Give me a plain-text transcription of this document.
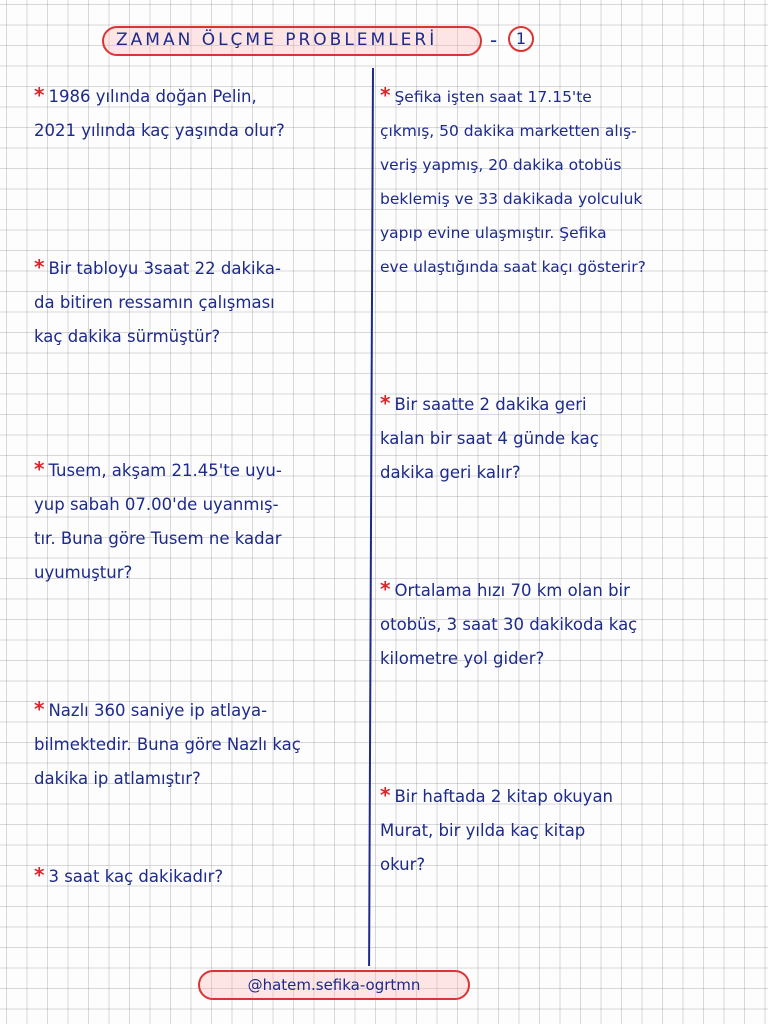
ZAMAN ÖLÇME PROBLEMLERİ	-	1
* 1986 yılında doğan Pelin,
2021 yılında kaç yaşında olur?
* Bir tabloyu 3saat 22 dakika-
da bitiren ressamın çalışması
kaç dakika sürmüştür?
* Tusem, akşam 21.45'te uyu-
yup sabah 07.00'de uyanmış-
tır. Buna göre Tusem ne kadar
uyumuştur?
* Nazlı 360 saniye ip atlaya-
bilmektedir. Buna göre Nazlı kaç
dakika ip atlamıştır?
* 3 saat kaç dakikadır?
* Şefika işten saat 17.15'te
çıkmış, 50 dakika marketten alış-
veriş yapmış, 20 dakika otobüs
beklemiş ve 33 dakikada yolculuk
yapıp evine ulaşmıştır. Şefika
eve ulaştığında saat kaçı gösterir?
* Bir saatte 2 dakika geri
kalan bir saat 4 günde kaç
dakika geri kalır?
* Ortalama hızı 70 km olan bir
otobüs, 3 saat 30 dakikoda kaç
kilometre yol gider?
* Bir haftada 2 kitap okuyan
Murat, bir yılda kaç kitap
okur?
@hatem.sefika-ogrtmn
